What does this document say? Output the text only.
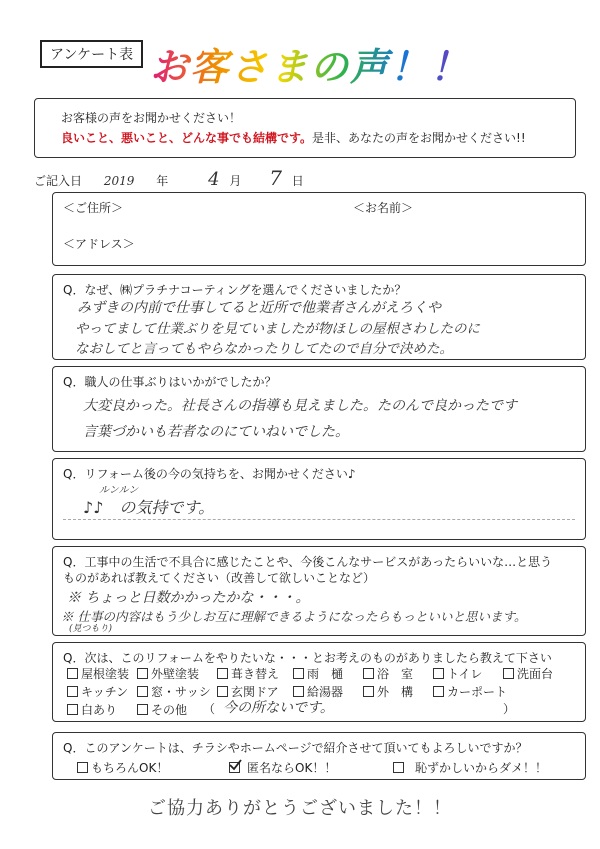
アンケート表 お客さまの声！！
お客様の声をお聞かせください！
良いこと、悪いこと、どんな事でも結構です。是非、あなたの声をお聞かせください!!
ご記入日 2019 年 4 月 7 日
＜ご住所＞	＜お名前＞
＜アドレス＞
Q．なぜ、㈱プラチナコーティングを選んでくださいましたか？
みずきの内前で仕事してると近所で他業者さんがえろくや
やってまして仕業ぶりを見ていましたが物ほしの屋根さわしたのに
なおしてと言ってもやらなかったりしてたので自分で決めた。
Q．職人の仕事ぶりはいかがでしたか？
大変良かった。社長さんの指導も見えました。たのんで良かったです
言葉づかいも若者なのにていねいでした。
Q．リフォーム後の今の気持ちを、お聞かせください♪
ルンルン
♪♪　の気持です。
Q．工事中の生活で不具合に感じたことや、今後こんなサービスがあったらいいな…と思う
ものがあれば教えてください（改善して欲しいことなど）
※ ちょっと日数かかったかな・・・。
※ 仕事の内容はもう少しお互に理解できるようになったらもっといいと思います。
(見つもり)
Q．次は、このリフォームをやりたいな・・・とお考えのものがありましたら教えて下さい
屋根塗装	外壁塗装	葺き替え	雨　樋	浴　室	トイレ	洗面台
キッチン	窓・サッシ	玄関ドア	給湯器	外　構	カーポート
白あり	その他 （ 今の所ないです。	）
Q．このアンケートは、チラシやホームページで紹介させて頂いてもよろしいですか？
もちろんOK！	匿名ならOK！！	恥ずかしいからダメ！！
ご協力ありがとうございました！！
